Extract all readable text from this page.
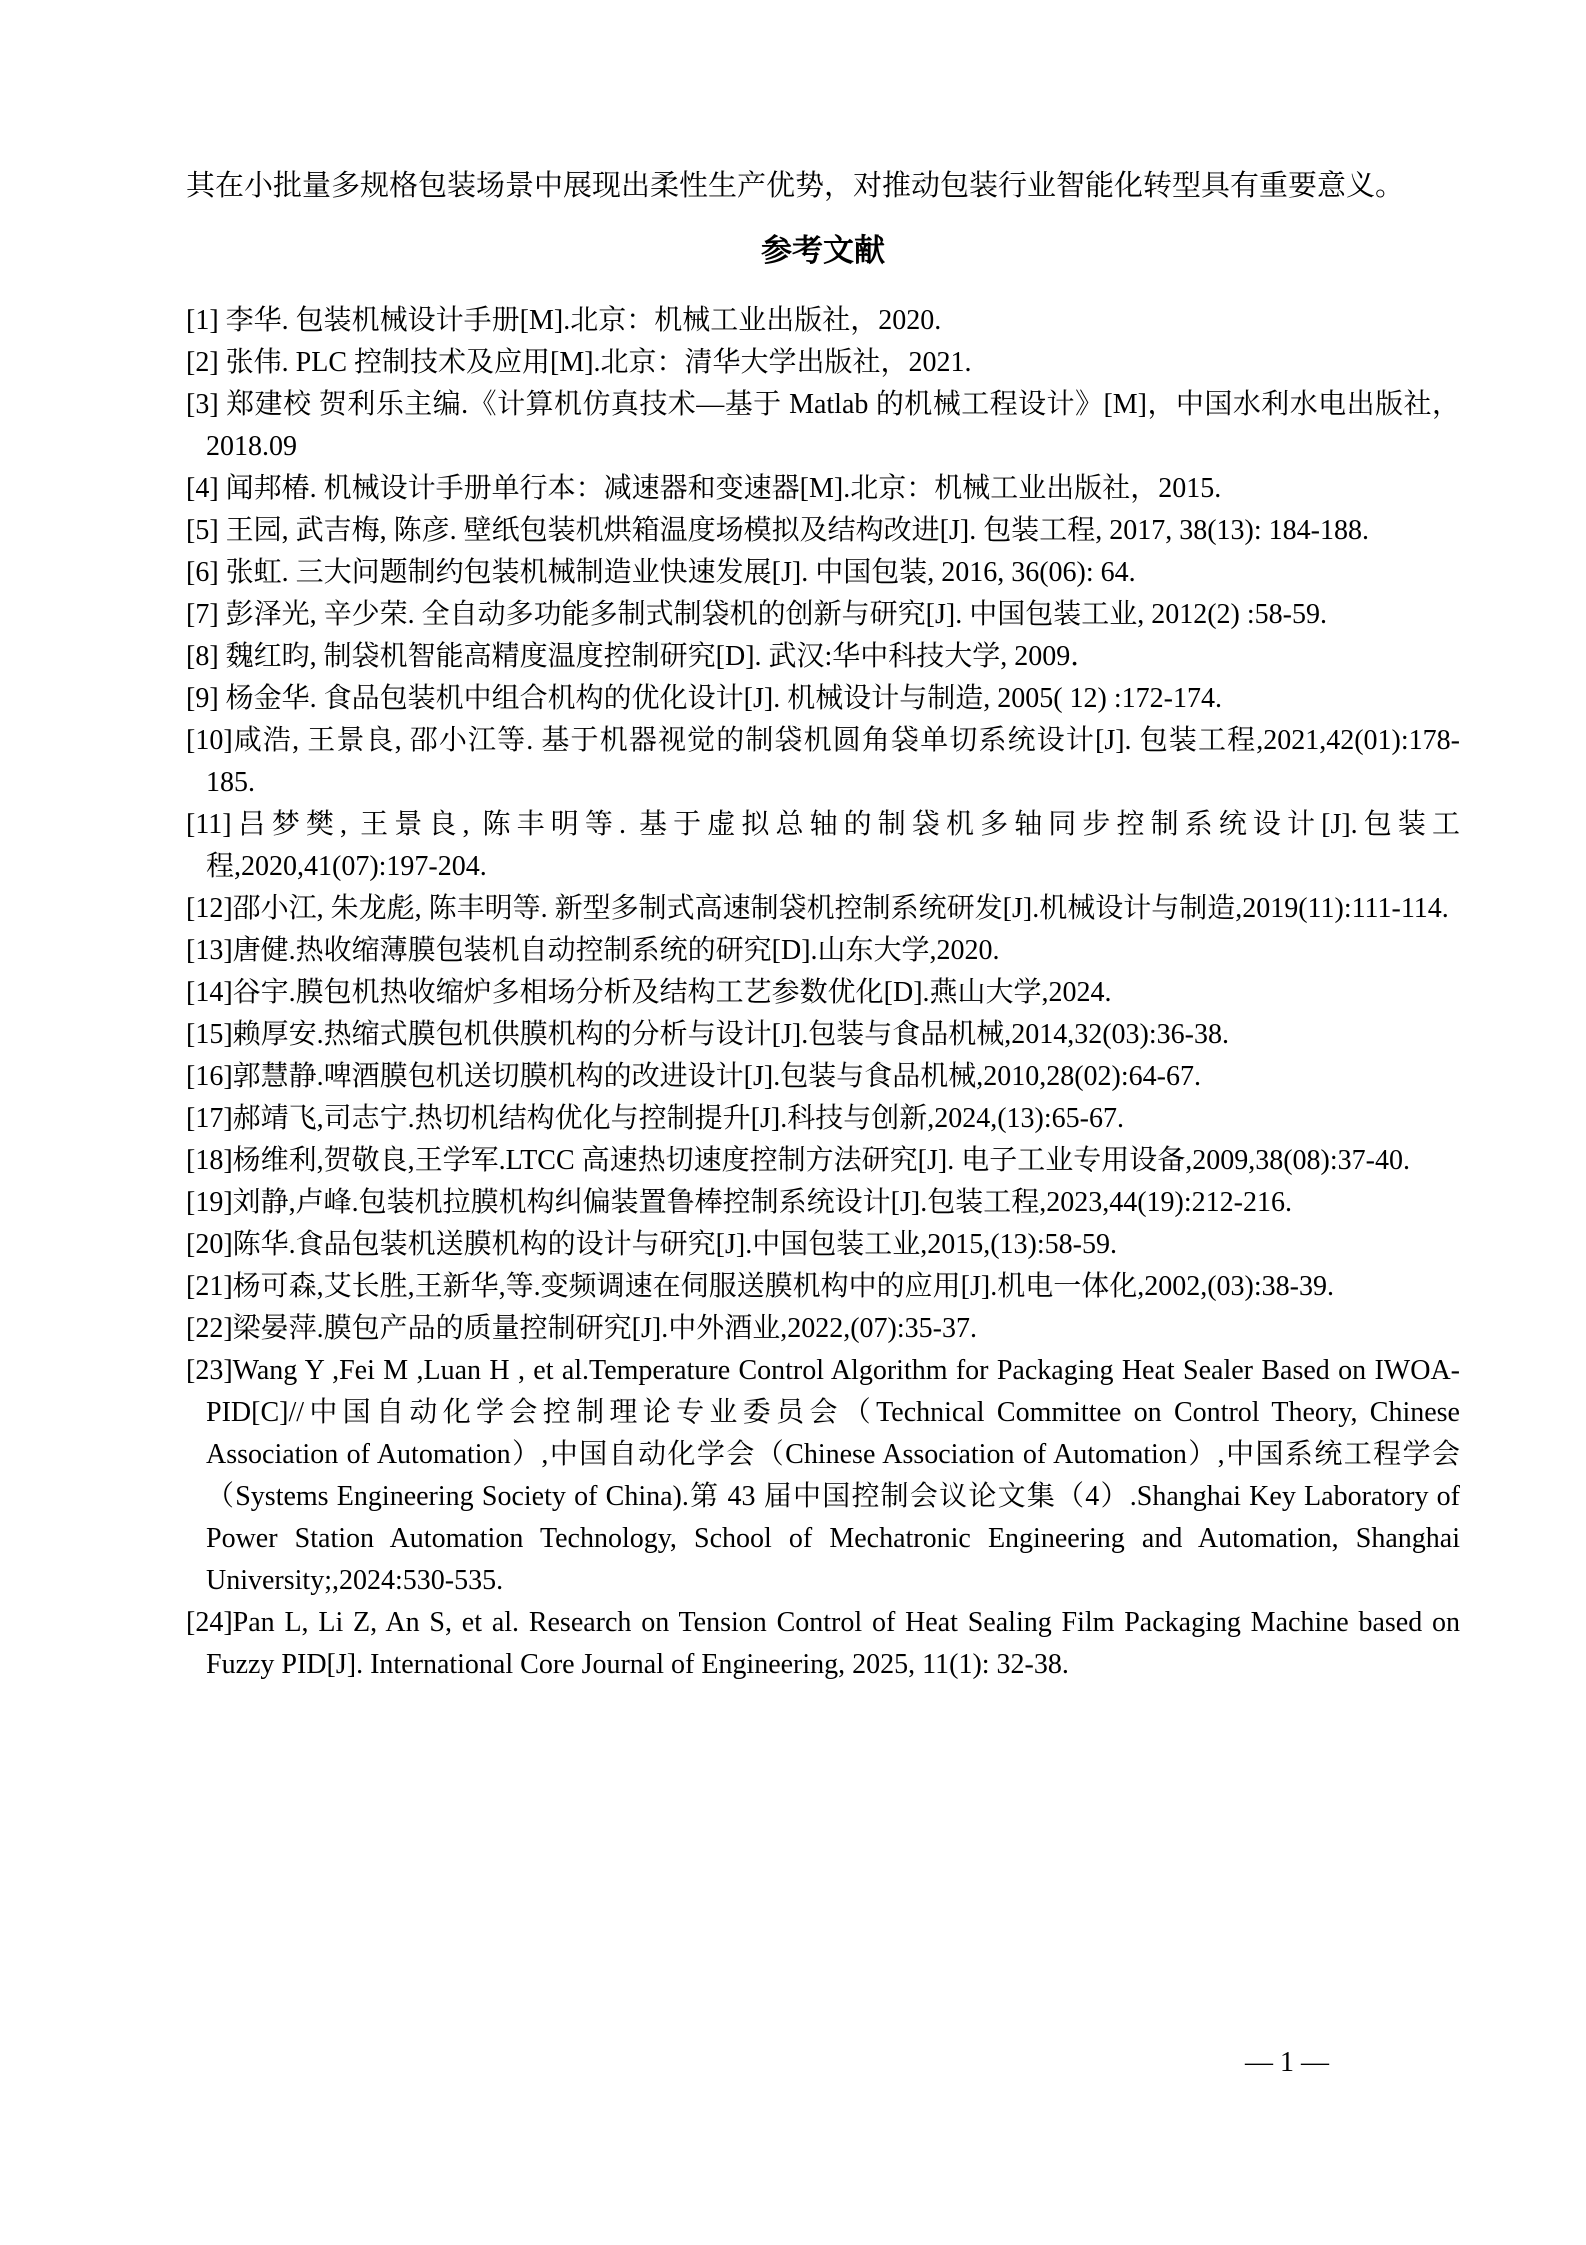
其在小批量多规格包装场景中展现出柔性生产优势，对推动包装行业智能化转型具有重要意义。

参考文献

[1] 李华. 包装机械设计手册[M].北京：机械工业出版社，2020.

[2] 张伟. PLC 控制技术及应用[M].北京：清华大学出版社，2021.

[3] 郑建校 贺利乐主编.《计算机仿真技术—基于 Matlab 的机械工程设计》[M]，中国水利水电出版社，2018.09

[4] 闻邦椿. 机械设计手册单行本：减速器和变速器[M].北京：机械工业出版社，2015.

[5] 王园, 武吉梅, 陈彦. 壁纸包装机烘箱温度场模拟及结构改进[J]. 包装工程, 2017, 38(13): 184-188.

[6] 张虹. 三大问题制约包装机械制造业快速发展[J]. 中国包装, 2016, 36(06): 64.

[7] 彭泽光, 辛少荣. 全自动多功能多制式制袋机的创新与研究[J]. 中国包装工业, 2012(2) :58-59.

[8] 魏红昀, 制袋机智能高精度温度控制研究[D]. 武汉:华中科技大学, 2009．

[9] 杨金华. 食品包装机中组合机构的优化设计[J]. 机械设计与制造, 2005( 12) :172-174.

[10]咸浩, 王景良, 邵小江等. 基于机器视觉的制袋机圆角袋单切系统设计[J]. 包装工程,2021,42(01):178-185.

[11]吕梦樊, 王景良, 陈丰明等. 基于虚拟总轴的制袋机多轴同步控制系统设计[J].包装工程,2020,41(07):197-204.

[12]邵小江, 朱龙彪, 陈丰明等. 新型多制式高速制袋机控制系统研发[J].机械设计与制造,2019(11):111-114.

[13]唐健.热收缩薄膜包装机自动控制系统的研究[D].山东大学,2020.

[14]谷宇.膜包机热收缩炉多相场分析及结构工艺参数优化[D].燕山大学,2024.

[15]赖厚安.热缩式膜包机供膜机构的分析与设计[J].包装与食品机械,2014,32(03):36-38.

[16]郭慧静.啤酒膜包机送切膜机构的改进设计[J].包装与食品机械,2010,28(02):64-67.

[17]郝靖飞,司志宁.热切机结构优化与控制提升[J].科技与创新,2024,(13):65-67.

[18]杨维利,贺敬良,王学军.LTCC 高速热切速度控制方法研究[J]. 电子工业专用设备,2009,38(08):37-40.

[19]刘静,卢峰.包装机拉膜机构纠偏装置鲁棒控制系统设计[J].包装工程,2023,44(19):212-216.

[20]陈华.食品包装机送膜机构的设计与研究[J].中国包装工业,2015,(13):58-59.

[21]杨可森,艾长胜,王新华,等.变频调速在伺服送膜机构中的应用[J].机电一体化,2002,(03):38-39.

[22]梁晏萍.膜包产品的质量控制研究[J].中外酒业,2022,(07):35-37.

[23]Wang Y ,Fei M ,Luan H , et al.Temperature Control Algorithm for Packaging Heat Sealer Based on IWOA-PID[C]//中国自动化学会控制理论专业委员会（Technical Committee on Control Theory, Chinese Association of Automation）,中国自动化学会（Chinese Association of Automation）,中国系统工程学会（Systems Engineering Society of China).第 43 届中国控制会议论文集（4）.Shanghai Key Laboratory of Power Station Automation Technology, School of Mechatronic Engineering and Automation, Shanghai University;,2024:530-535.

[24]Pan L, Li Z, An S, et al. Research on Tension Control of Heat Sealing Film Packaging Machine based on Fuzzy PID[J]. International Core Journal of Engineering, 2025, 11(1): 32-38.

— 1 —
